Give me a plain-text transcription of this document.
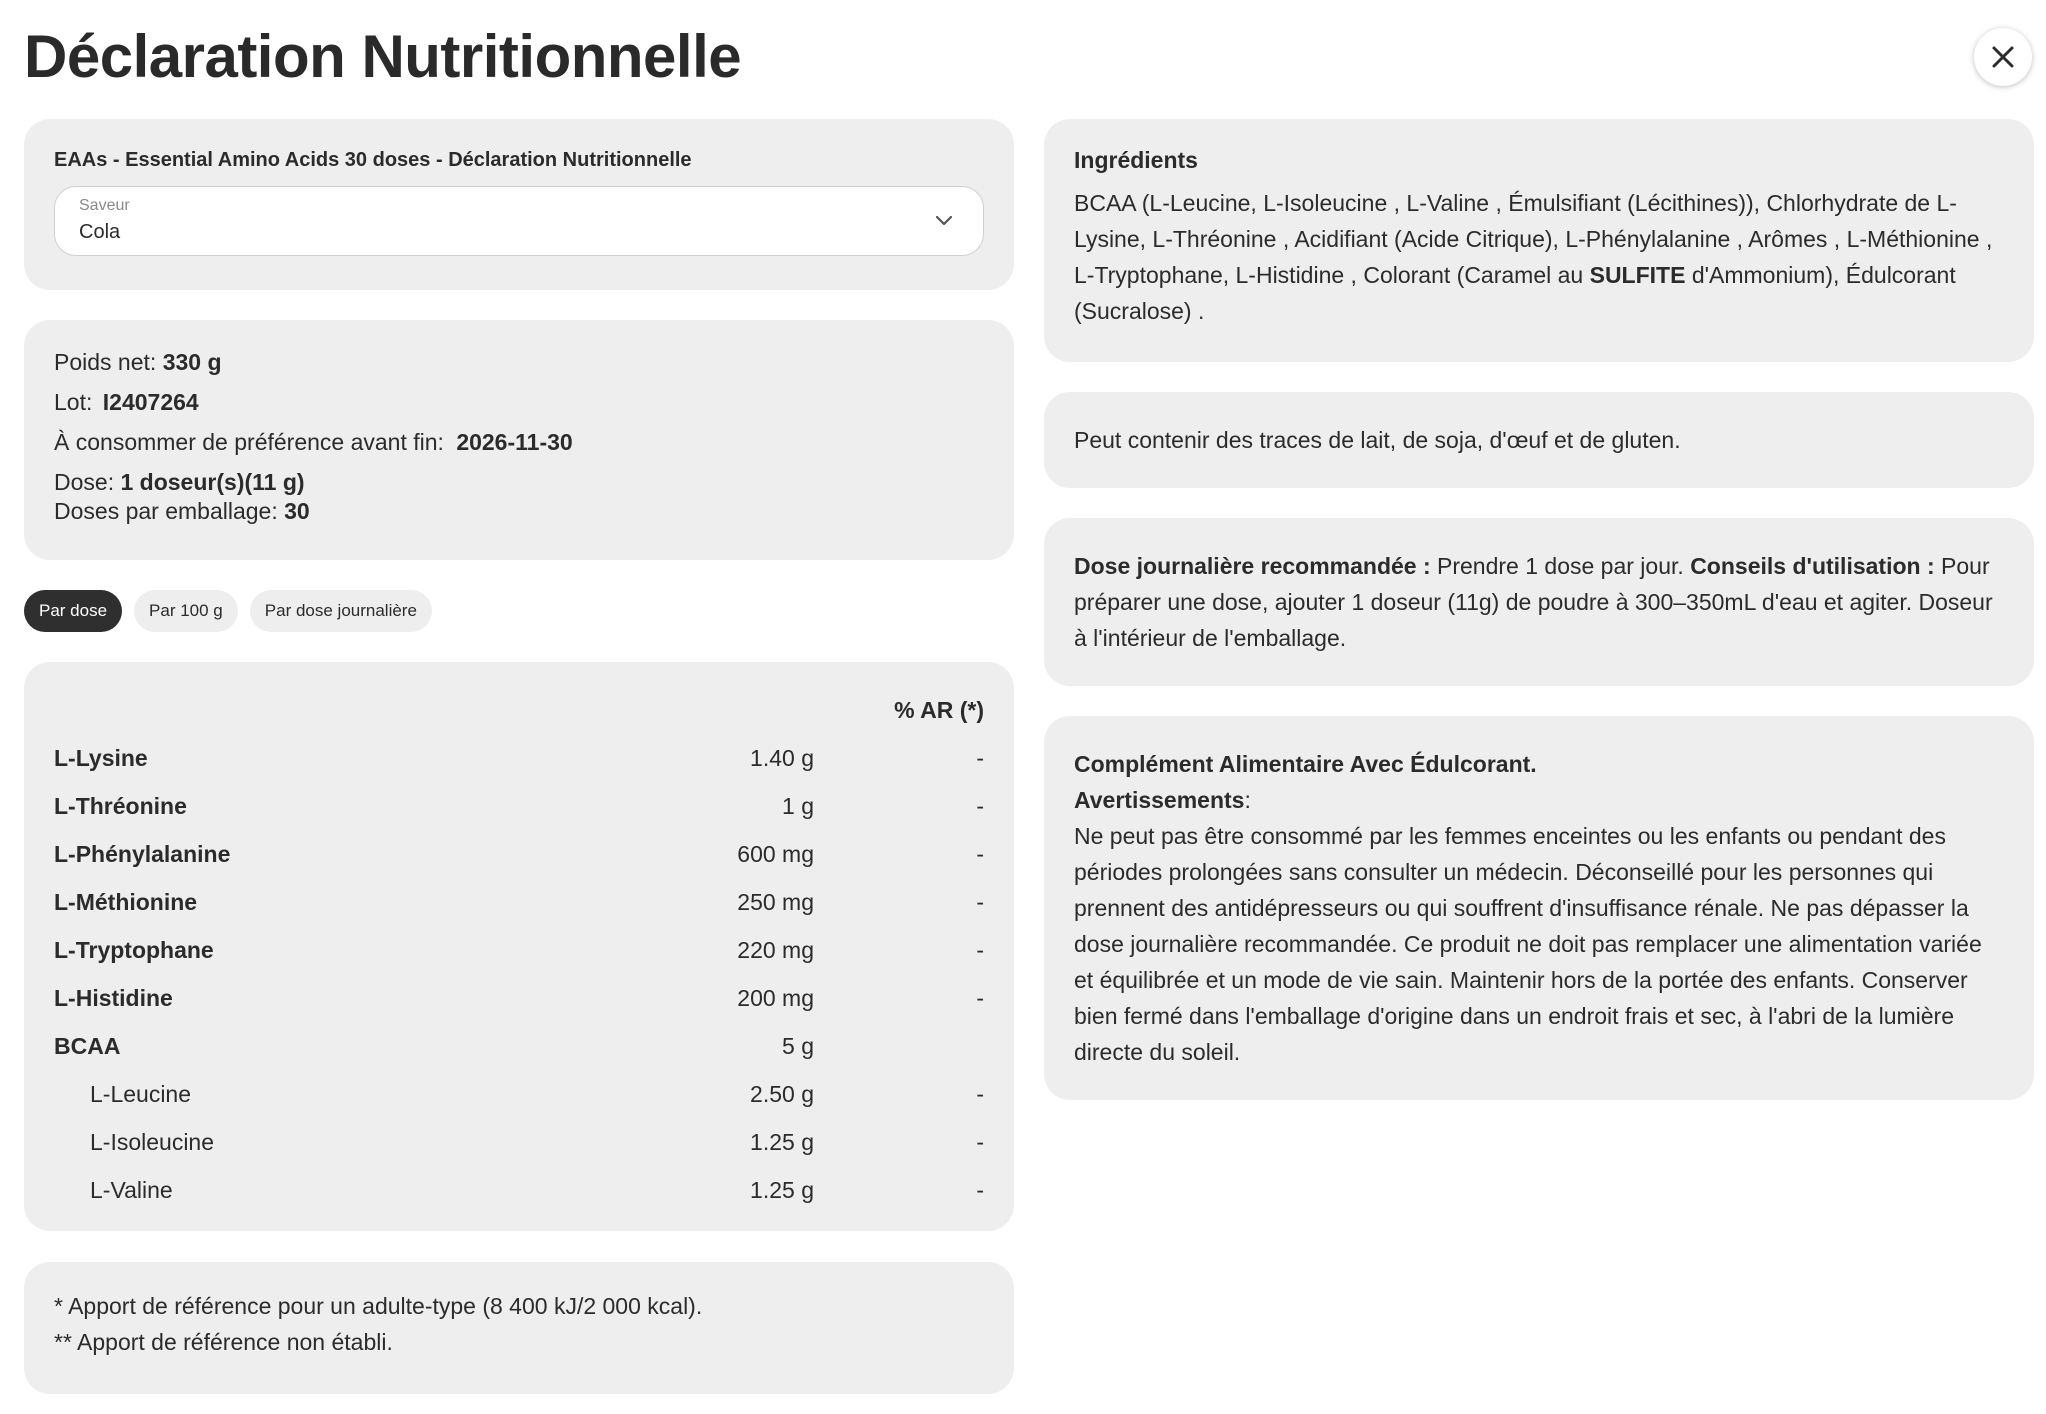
Déclaration Nutritionnelle

EAAs - Essential Amino Acids 30 doses - Déclaration Nutritionnelle

Saveur
Cola
Poids net: 330 g
Lot: I2407264
À consommer de préférence avant fin: 2026-11-30
Dose: 1 doseur(s)(11 g)
Doses par emballage: 30
Par dose	Par 100 g	Par dose journalière
		% AR (*)
L-Lysine	1.40 g	-
L-Thréonine	1 g	-
L-Phénylalanine	600 mg	-
L-Méthionine	250 mg	-
L-Tryptophane	220 mg	-
L-Histidine	200 mg	-
BCAA	5 g	
L-Leucine	2.50 g	-
L-Isoleucine	1.25 g	-
L-Valine	1.25 g	-
* Apport de référence pour un adulte-type (8 400 kJ/2 000 kcal).
** Apport de référence non établi.

Ingrédients

BCAA (L-Leucine, L-Isoleucine , L-Valine , Émulsifiant (Lécithines)), Chlorhydrate de L-Lysine, L-Thréonine , Acidifiant (Acide Citrique), L-Phénylalanine , Arômes , L-Méthionine , L-Tryptophane, L-Histidine , Colorant (Caramel au SULFITE d'Ammonium), Édulcorant (Sucralose) .
Peut contenir des traces de lait, de soja, d'œuf et de gluten.
Dose journalière recommandée : Prendre 1 dose par jour. Conseils d'utilisation : Pour préparer une dose, ajouter 1 doseur (11g) de poudre à 300–350mL d'eau et agiter. Doseur à l'intérieur de l'emballage.
Complément Alimentaire Avec Édulcorant.
Avertissements:
Ne peut pas être consommé par les femmes enceintes ou les enfants ou pendant des périodes prolongées sans consulter un médecin. Déconseillé pour les personnes qui prennent des antidépresseurs ou qui souffrent d'insuffisance rénale. Ne pas dépasser la dose journalière recommandée. Ce produit ne doit pas remplacer une alimentation variée et équilibrée et un mode de vie sain. Maintenir hors de la portée des enfants. Conserver bien fermé dans l'emballage d'origine dans un endroit frais et sec, à l'abri de la lumière directe du soleil.
